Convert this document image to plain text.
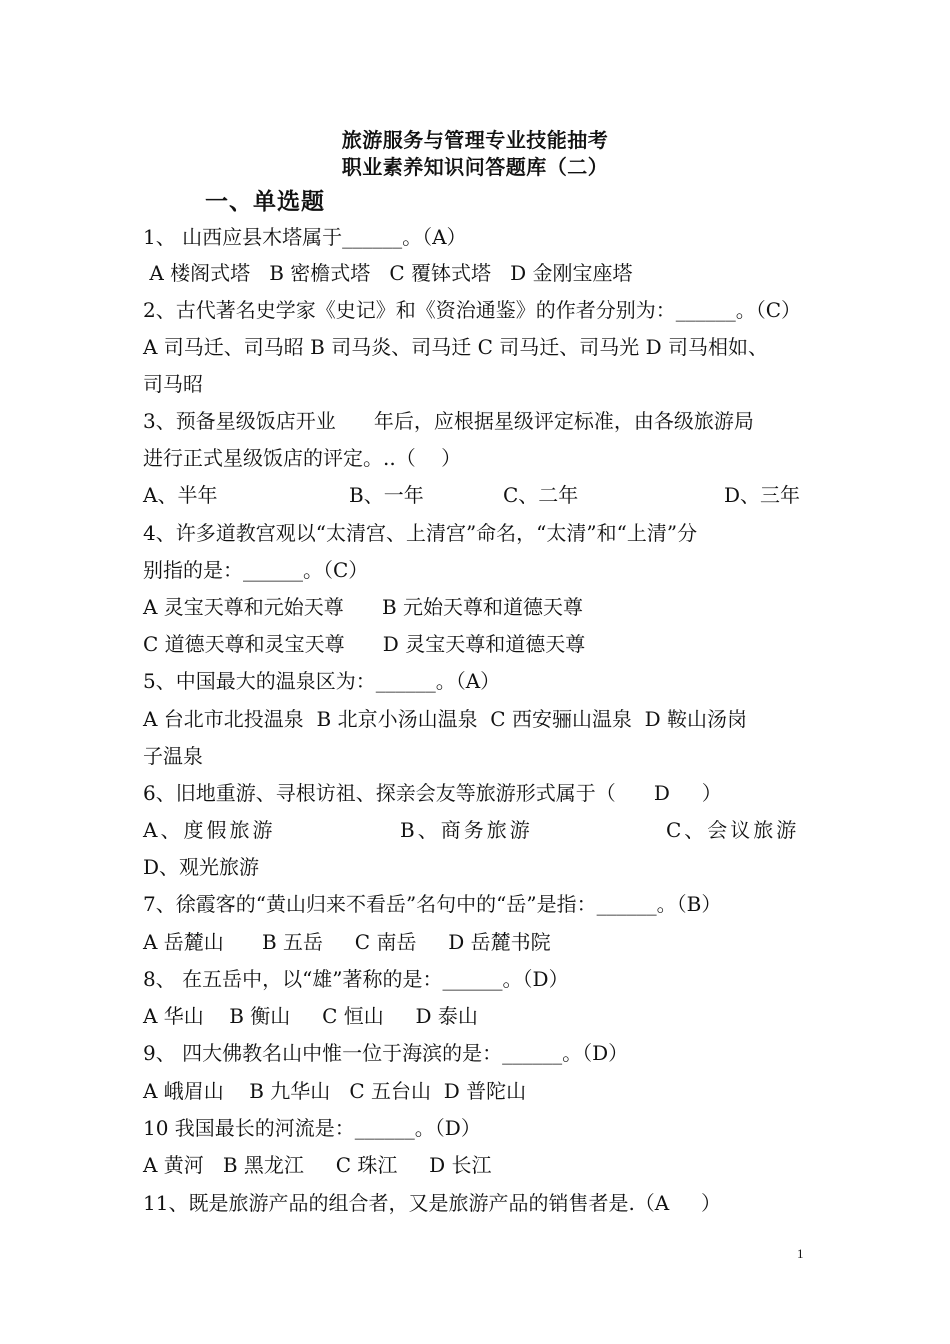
旅游服务与管理专业技能抽考
职业素养知识问答题库（二）
一、单选题
1、 山西应县木塔属于______。（A）
A 楼阁式塔   B 密檐式塔   C 覆钵式塔   D 金刚宝座塔
2、古代著名史学家《史记》和《资治通鉴》的作者分别为：______。（C）
A 司马迁、司马昭 B 司马炎、司马迁 C 司马迁、司马光 D 司马相如、
司马昭
3、预备星级饭店开业      年后，应根据星级评定标准，由各级旅游局
进行正式星级饭店的评定。..（    ）
A、半年	B、一年	C、二年	D、三年
4、许多道教宫观以“太清宫、上清宫”命名，“太清”和“上清”分
别指的是：______。（C）
A 灵宝天尊和元始天尊      B 元始天尊和道德天尊
C 道德天尊和灵宝天尊      D 灵宝天尊和道德天尊
5、中国最大的温泉区为：______。（A）
A 台北市北投温泉  B 北京小汤山温泉  C 西安骊山温泉  D 鞍山汤岗
子温泉
6、旧地重游、寻根访祖、探亲会友等旅游形式属于（      D     ）
A、度假旅游	B、商务旅游	C、会议旅游
D、观光旅游
7、徐霞客的“黄山归来不看岳”名句中的“岳”是指：______。（B）
A 岳麓山      B 五岳     C 南岳     D 岳麓书院
8、 在五岳中，以“雄”著称的是：______。（D）
A 华山    B 衡山     C 恒山     D 泰山
9、 四大佛教名山中惟一位于海滨的是：______。（D）
A 峨眉山    B 九华山   C 五台山  D 普陀山
10 我国最长的河流是：______。（D）
A 黄河   B 黑龙江     C 珠江     D 长江
11、既是旅游产品的组合者，又是旅游产品的销售者是.（A     ）
1
